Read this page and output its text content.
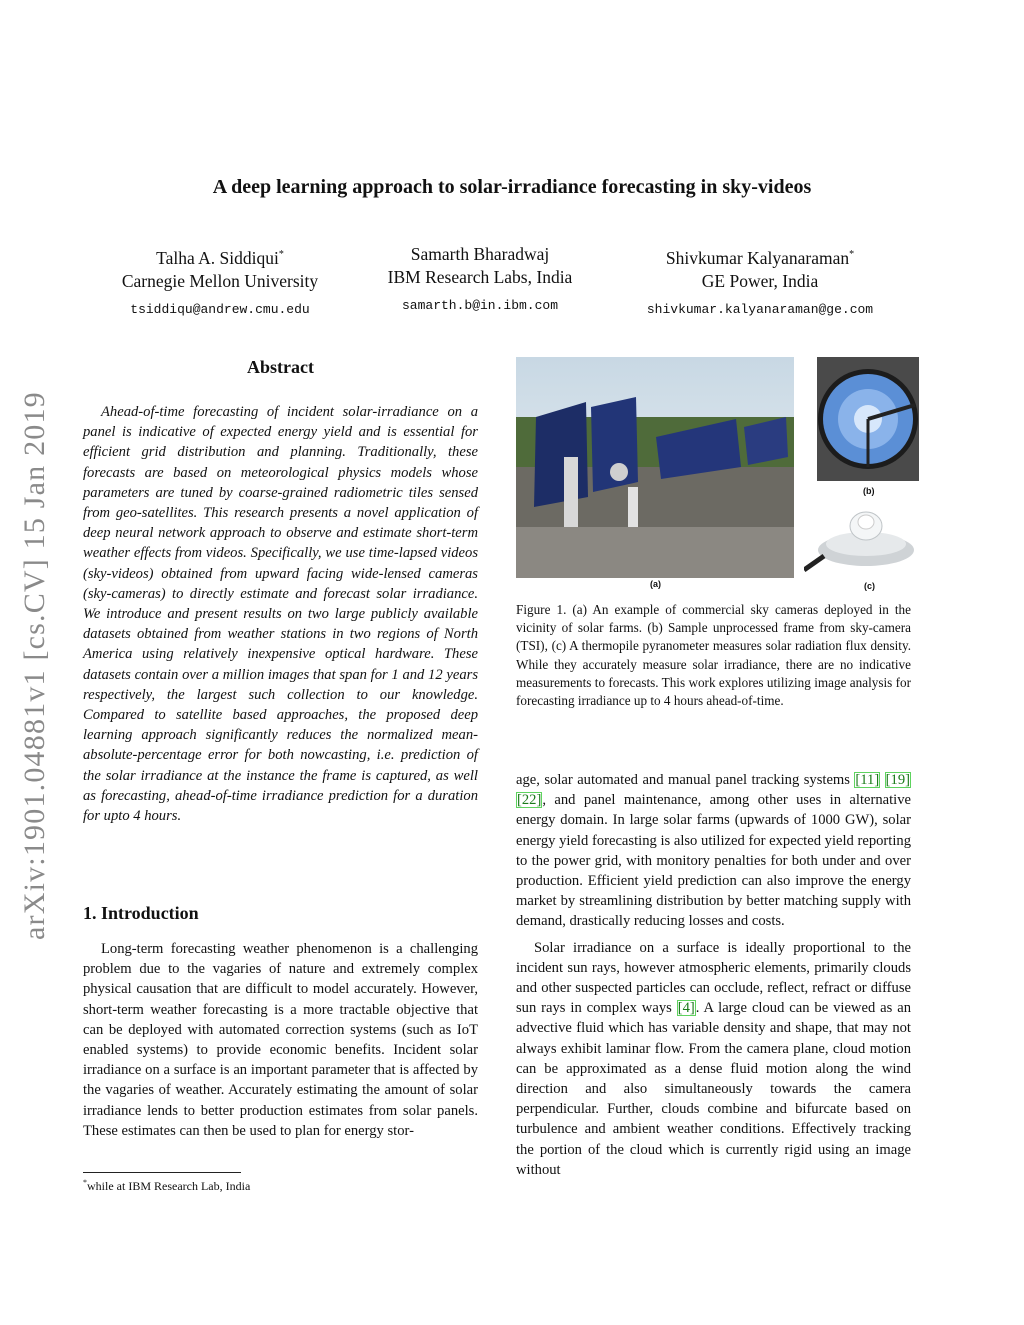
arXiv:1901.04881v1 [cs.CV] 15 Jan 2019
A deep learning approach to solar-irradiance forecasting in sky-videos
Talha A. Siddiqui*
Carnegie Mellon University
tsiddiqu@andrew.cmu.edu
Samarth Bharadwaj
IBM Research Labs, India
samarth.b@in.ibm.com
Shivkumar Kalyanaraman*
GE Power, India
shivkumar.kalyanaraman@ge.com
Abstract
Ahead-of-time forecasting of incident solar-irradiance on a panel is indicative of expected energy yield and is essential for efficient grid distribution and planning. Traditionally, these forecasts are based on meteorological physics models whose parameters are tuned by coarse-grained radiometric tiles sensed from geo-satellites. This research presents a novel application of deep neural network approach to observe and estimate short-term weather effects from videos. Specifically, we use time-lapsed videos (sky-videos) obtained from upward facing wide-lensed cameras (sky-cameras) to directly estimate and forecast solar irradiance. We introduce and present results on two large publicly available datasets obtained from weather stations in two regions of North America using relatively inexpensive optical hardware. These datasets contain over a million images that span for 1 and 12 years respectively, the largest such collection to our knowledge. Compared to satellite based approaches, the proposed deep learning approach significantly reduces the normalized mean-absolute-percentage error for both nowcasting, i.e. prediction of the solar irradiance at the instance the frame is captured, as well as forecasting, ahead-of-time irradiance prediction for a duration for upto 4 hours.
1. Introduction

Long-term forecasting weather phenomenon is a challenging problem due to the vagaries of nature and extremely complex physical causation that are difficult to model accurately. However, short-term weather forecasting is a more tractable objective that can be deployed with automated correction systems (such as IoT enabled systems) to provide economic benefits. Incident solar irradiance on a surface is an important parameter that is affected by the vagaries of weather. Accurately estimating the amount of solar irradiance lends to better production estimates from solar panels. These estimates can then be used to plan for energy stor-

(a)
(b)
(c)
Figure 1. (a) An example of commercial sky cameras deployed in the vicinity of solar farms. (b) Sample unprocessed frame from sky-camera (TSI), (c) A thermopile pyranometer measures solar radiation flux density. While they accurately measure solar irradiance, there are no indicative measurements to forecasts. This work explores utilizing image analysis for forecasting irradiance up to 4 hours ahead-of-time.

age, solar automated and manual panel tracking systems [11] [19] [22], and panel maintenance, among other uses in alternative energy domain. In large solar farms (upwards of 1000 GW), solar energy yield forecasting is also utilized for expected yield reporting to the power grid, with monitory penalties for both under and over production. Efficient yield prediction can also improve the energy market by streamlining distribution by better matching supply with demand, drastically reducing losses and costs.

Solar irradiance on a surface is ideally proportional to the incident sun rays, however atmospheric elements, primarily clouds and other suspected particles can occlude, reflect, refract or diffuse sun rays in complex ways [4]. A large cloud can be viewed as an advective fluid which has variable density and shape, that may not always exhibit laminar flow. From the camera plane, cloud motion can be approximated as a dense fluid motion along the wind direction and also simultaneously towards the camera perpendicular. Further, clouds combine and bifurcate based on turbulence and ambient weather conditions. Effectively tracking the portion of the cloud which is currently rigid using an image without

*while at IBM Research Lab, India
